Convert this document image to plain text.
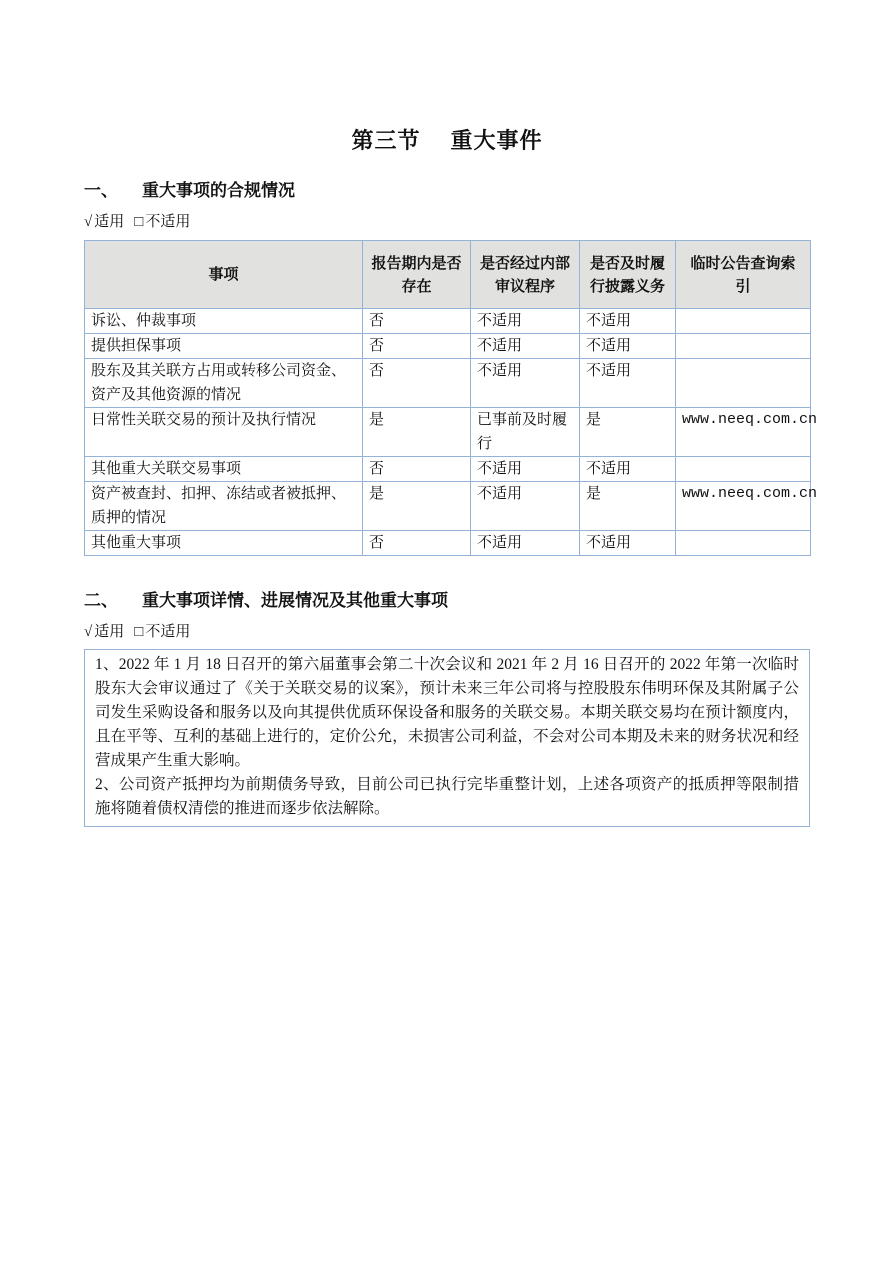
第三节 重大事件
一、	重大事项的合规情况
√ 适用 □ 不适用
事项	报告期内是否存在	是否经过内部审议程序	是否及时履行披露义务	临时公告查询索引
诉讼、仲裁事项	否	不适用	不适用	
提供担保事项	否	不适用	不适用	
股东及其关联方占用或转移公司资金、资产及其他资源的情况	否	不适用	不适用	
日常性关联交易的预计及执行情况	是	已事前及时履行	是	www.neeq.com.cn
其他重大关联交易事项	否	不适用	不适用	
资产被查封、扣押、冻结或者被抵押、质押的情况	是	不适用	是	www.neeq.com.cn
其他重大事项	否	不适用	不适用	
二、	重大事项详情、进展情况及其他重大事项
√ 适用 □ 不适用

1、2022 年 1 月 18 日召开的第六届董事会第二十次会议和 2021 年 2 月 16 日召开的 2022 年第一次临时股东大会审议通过了《关于关联交易的议案》，预计未来三年公司将与控股股东伟明环保及其附属子公司发生采购设备和服务以及向其提供优质环保设备和服务的关联交易。本期关联交易均在预计额度内，且在平等、互利的基础上进行的，定价公允，未损害公司利益，不会对公司本期及未来的财务状况和经营成果产生重大影响。

2、公司资产抵押均为前期债务导致，目前公司已执行完毕重整计划，上述各项资产的抵质押等限制措施将随着债权清偿的推进而逐步依法解除。
